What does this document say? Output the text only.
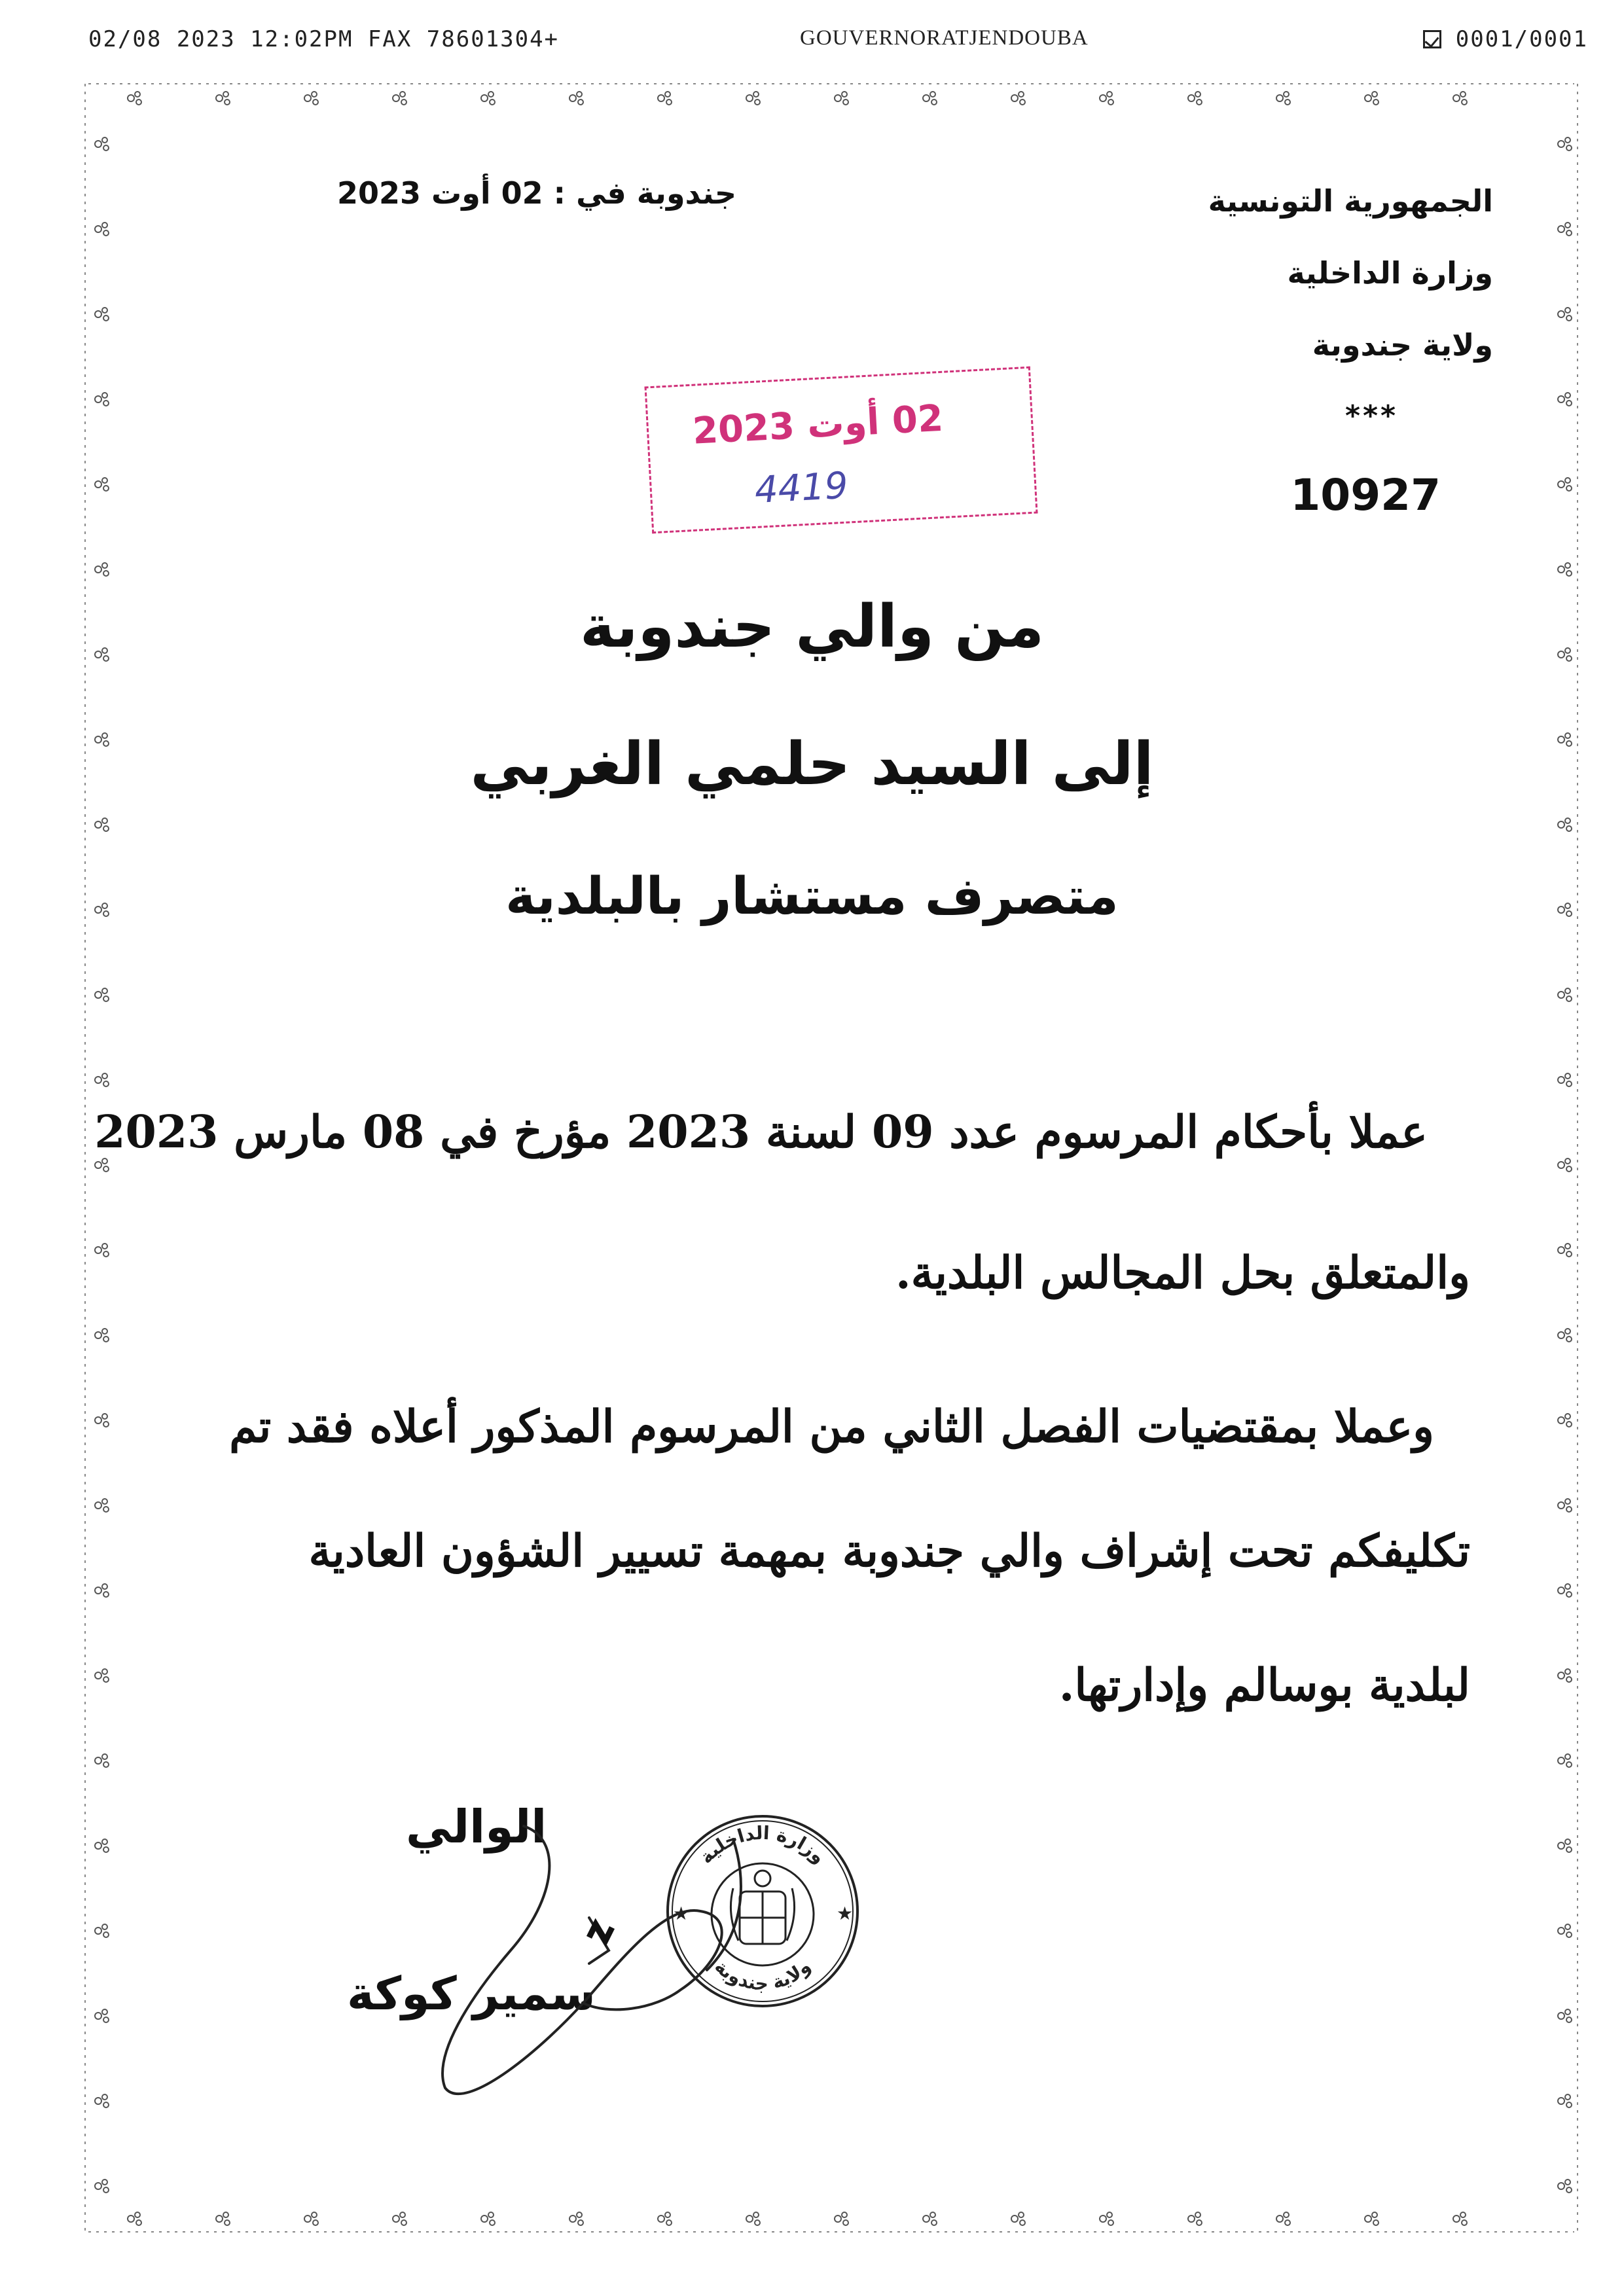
02/08 2023 12:02PM FAX 78601304+	GOUVERNORATJENDOUBA	0001/0001
الجمهورية التونسية
وزارة الداخلية
ولاية جندوبة
***
10927
جندوبة في : 02 أوت 2023
02 أوت 2023
4419
من والي جندوبة
إلى السيد حلمي الغربي
متصرف مستشار بالبلدية
عملا بأحكام المرسوم عدد 09 لسنة 2023 مؤرخ في 08 مارس 2023
والمتعلق بحل المجالس البلدية.
وعملا بمقتضيات الفصل الثاني من المرسوم المذكور أعلاه فقد تم
تكليفكم تحت إشراف والي جندوبة بمهمة تسيير الشؤون العادية
لبلدية بوسالم وإدارتها.
الوالي
سمير كوكة
وزارة الداخلية
ولاية جندوبة
★	★
